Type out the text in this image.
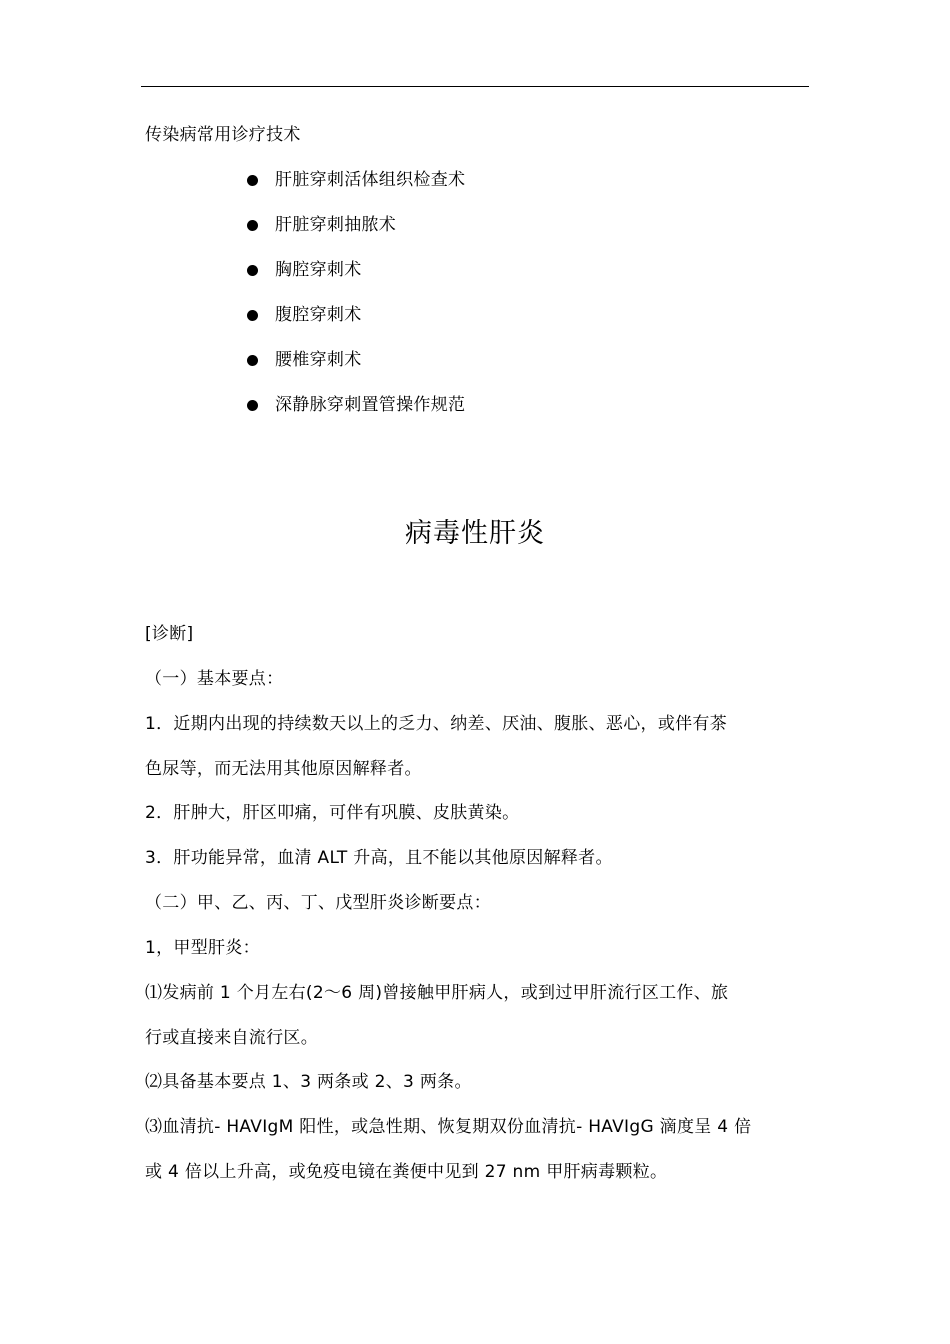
传染病常用诊疗技术
肝脏穿刺活体组织检查术
肝脏穿刺抽脓术
胸腔穿刺术
腹腔穿刺术
腰椎穿刺术
深静脉穿刺置管操作规范
病毒性肝炎
[诊断]
（一）基本要点：
1．近期内出现的持续数天以上的乏力、纳差、厌油、腹胀、恶心，或伴有茶
色尿等，而无法用其他原因解释者。
2．肝肿大，肝区叩痛，可伴有巩膜、皮肤黄染。
3．肝功能异常，血清 ALT 升高，且不能以其他原因解释者。
（二）甲、乙、丙、丁、戊型肝炎诊断要点：
1，甲型肝炎：
⑴发病前 1 个月左右(2～6 周)曾接触甲肝病人，或到过甲肝流行区工作、旅
行或直接来自流行区。
⑵具备基本要点 1、3 两条或 2、3 两条。
⑶血清抗- HAVIgM 阳性，或急性期、恢复期双份血清抗- HAVIgG 滴度呈 4 倍
或 4 倍以上升高，或免疫电镜在粪便中见到 27 nm 甲肝病毒颗粒。
